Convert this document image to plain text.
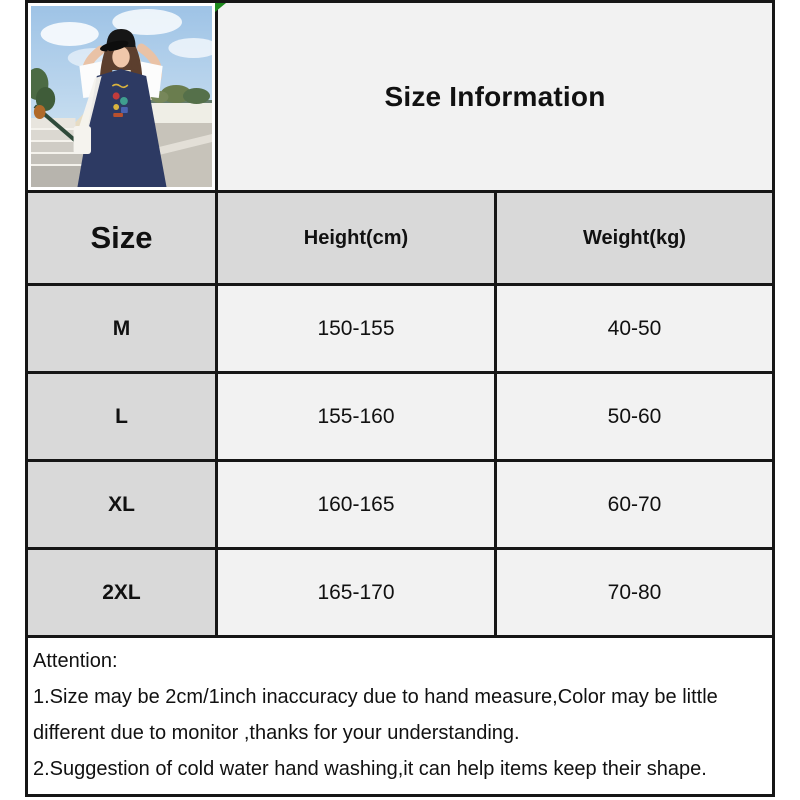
Size Information
Size	Height(cm)	Weight(kg)
M	150-155	40-50
L	155-160	50-60
XL	160-165	60-70
2XL	165-170	70-80
Attention:
1.Size may be 2cm/1inch inaccuracy due to hand measure,Color may be little different due to monitor ,thanks for your understanding.
2.Suggestion of cold water hand washing,it can help items keep their shape.
